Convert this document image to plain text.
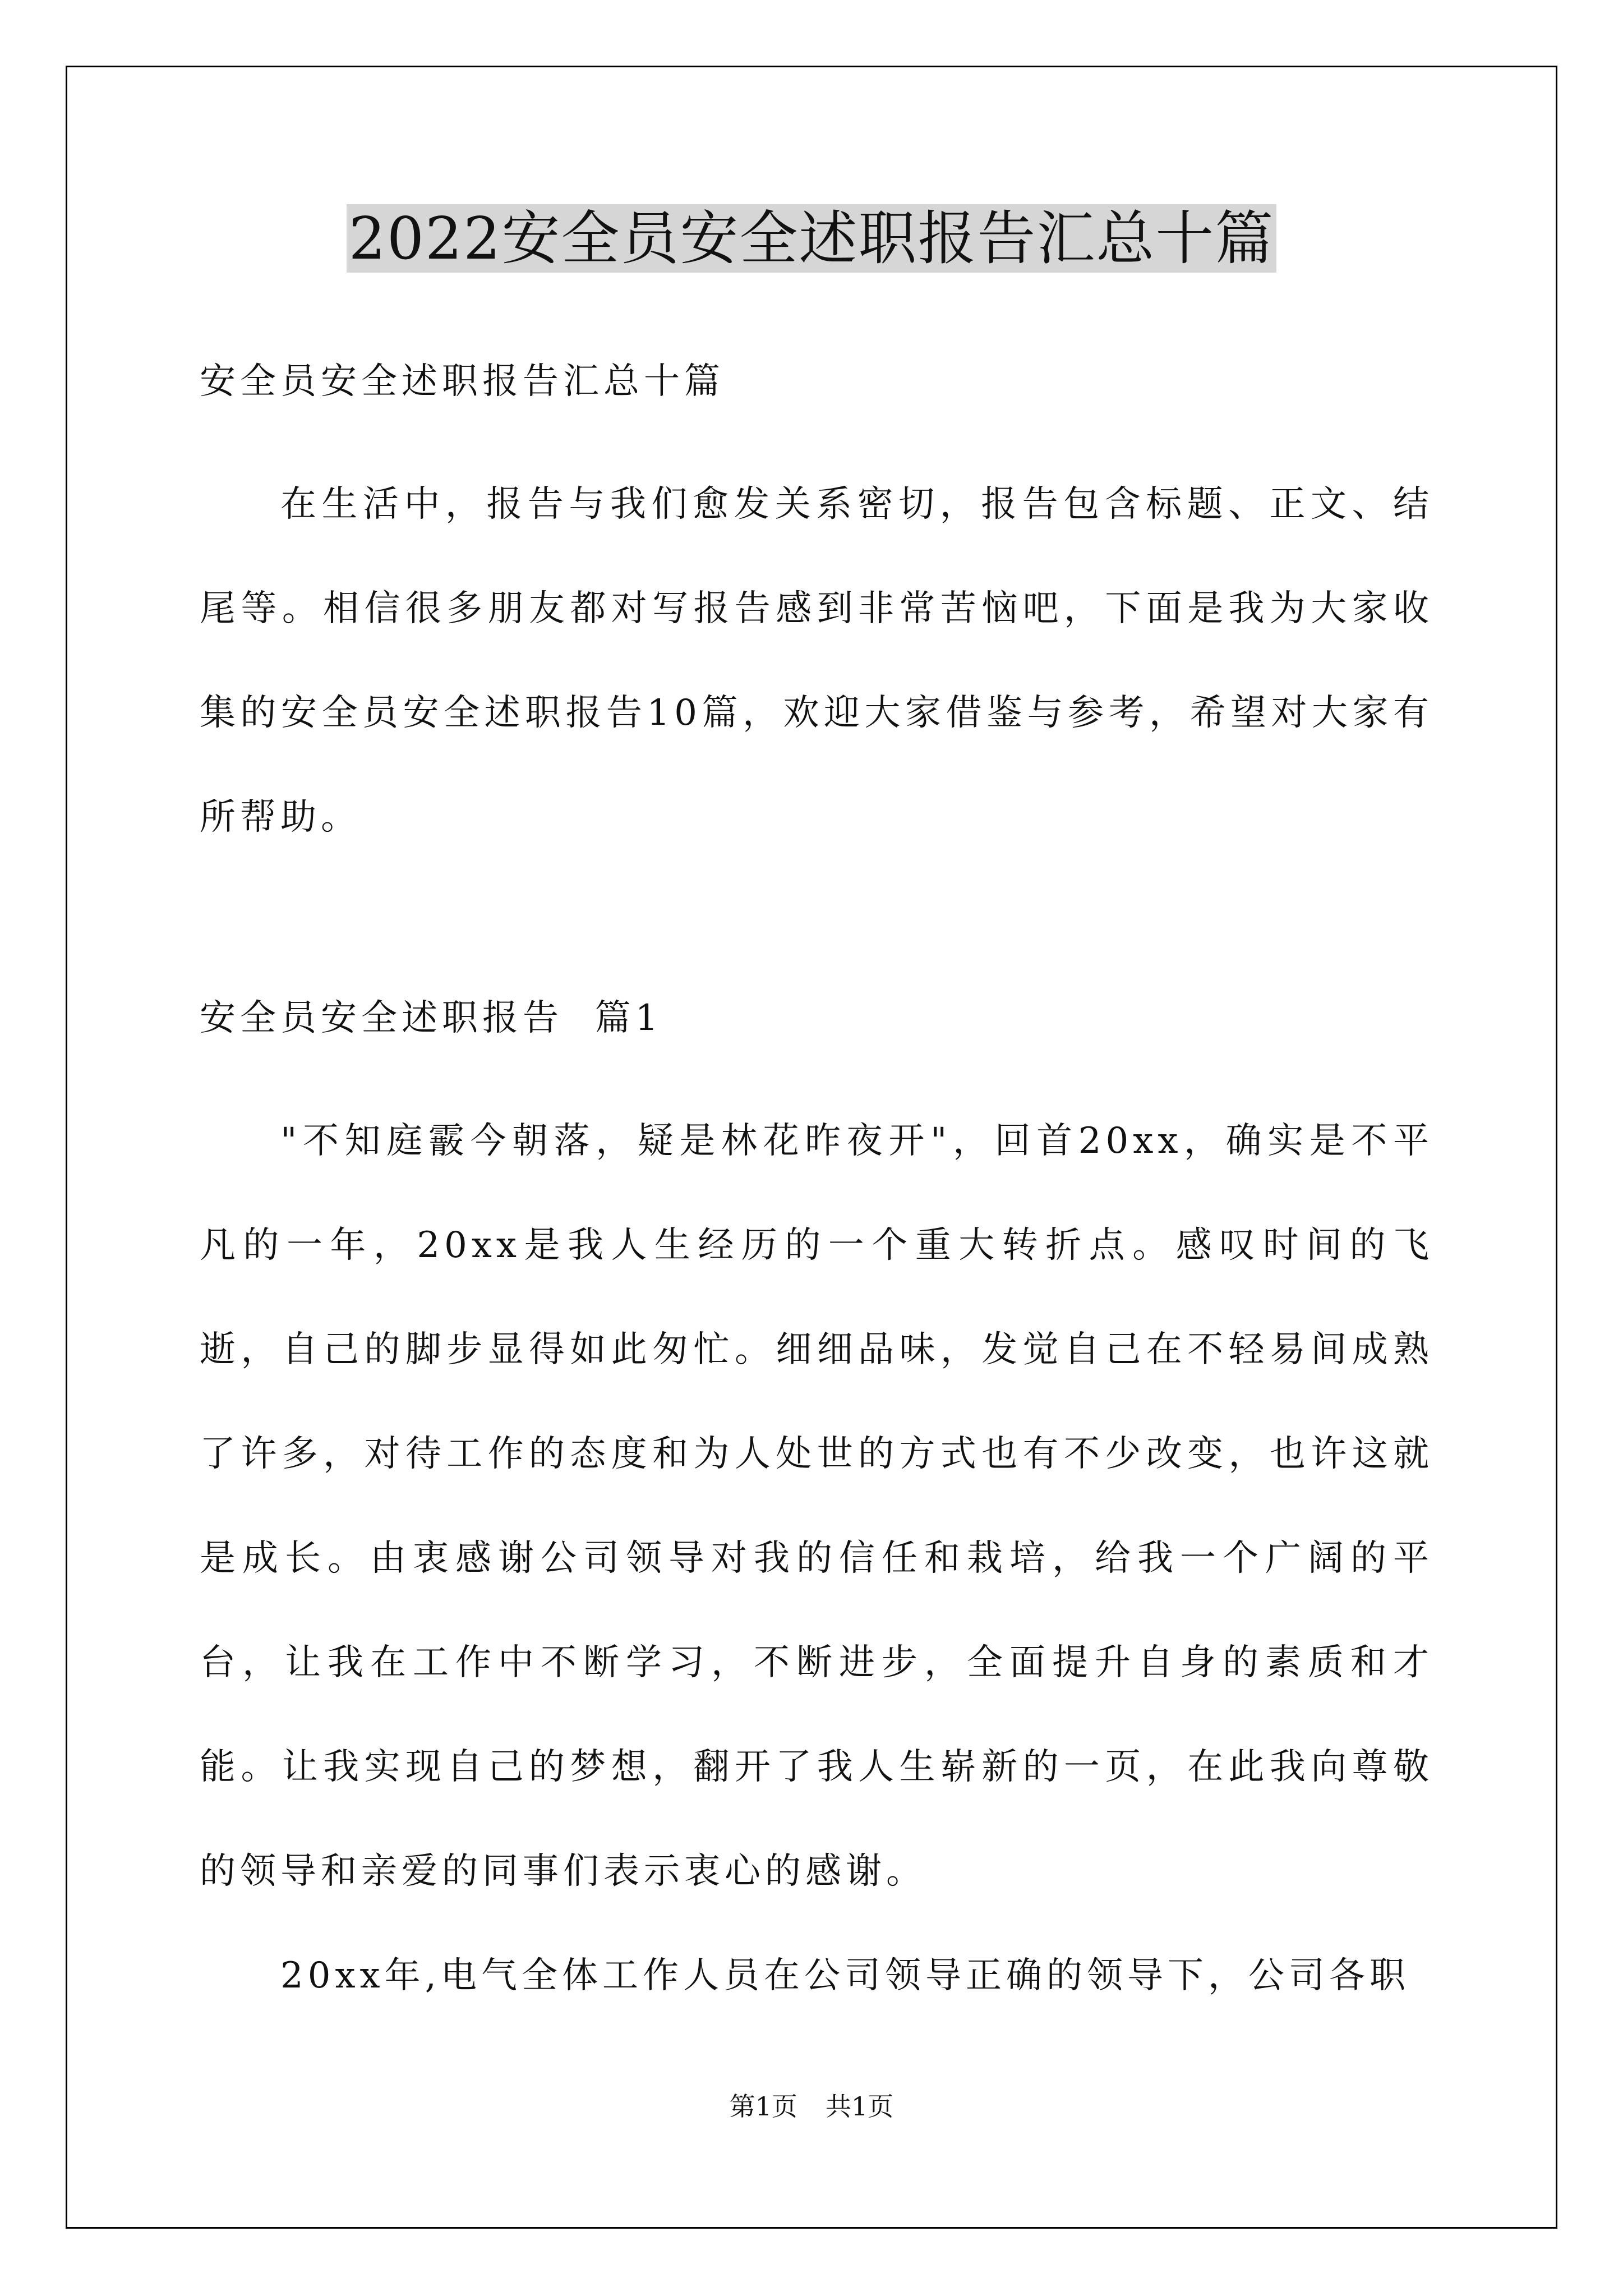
2022安全员安全述职报告汇总十篇

安全员安全述职报告汇总十篇

在生活中，报告与我们愈发关系密切，报告包含标题、正文、结尾等。相信很多朋友都对写报告感到非常苦恼吧，下面是我为大家收集的安全员安全述职报告10篇，欢迎大家借鉴与参考，希望对大家有所帮助。

安全员安全述职报告  篇1

"不知庭霰今朝落，疑是林花昨夜开"，回首20xx，确实是不平凡的一年，20xx是我人生经历的一个重大转折点。感叹时间的飞逝，自己的脚步显得如此匆忙。细细品味，发觉自己在不轻易间成熟了许多，对待工作的态度和为人处世的方式也有不少改变，也许这就是成长。由衷感谢公司领导对我的信任和栽培，给我一个广阔的平台，让我在工作中不断学习，不断进步，全面提升自身的素质和才能。让我实现自己的梦想，翻开了我人生崭新的一页，在此我向尊敬的领导和亲爱的同事们表示衷心的感谢。

20xx年,电气全体工作人员在公司领导正确的领导下，公司各职

第1页 共1页
